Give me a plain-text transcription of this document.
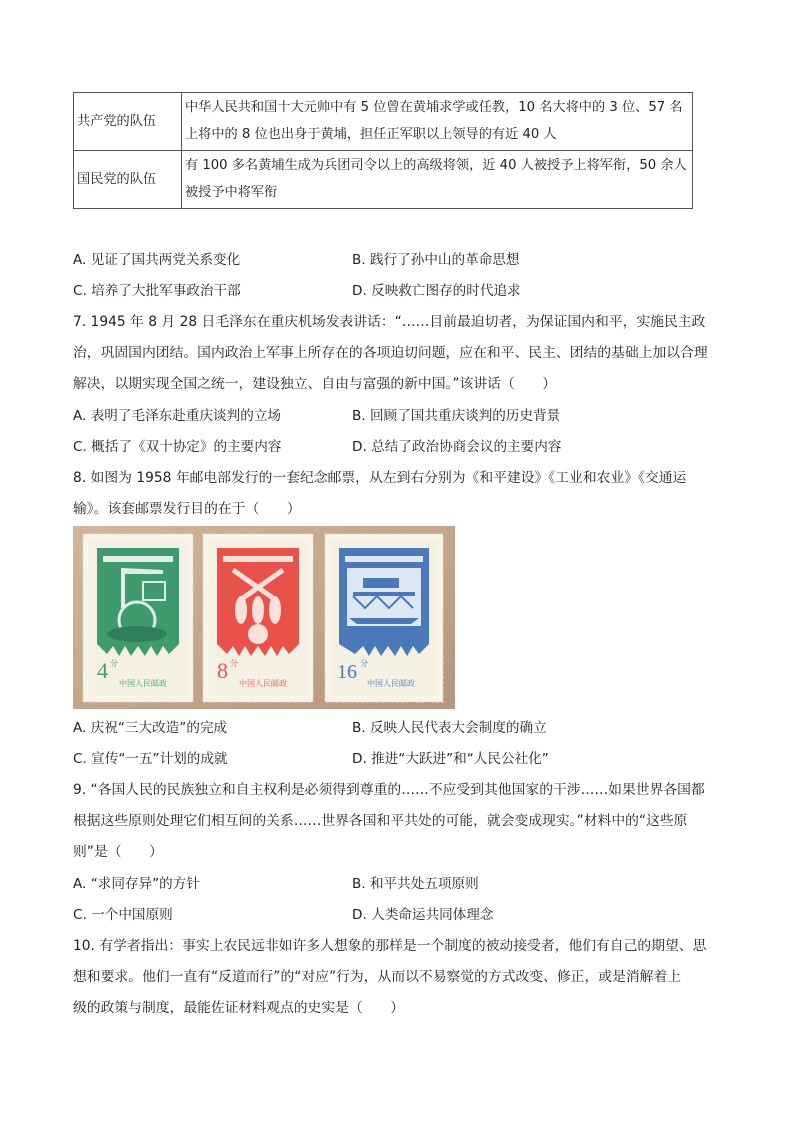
共产党的队伍	中华人民共和国十大元帅中有 5 位曾在黄埔求学或任教，10 名大将中的 3 位、57 名
上将中的 8 位也出身于黄埔，担任正军职以上领导的有近 40 人

国民党的队伍	有 100 多名黄埔生成为兵团司令以上的高级将领，近 40 人被授予上将军衔，50 余人
被授予中将军衔
A. 见证了国共两党关系变化	B. 践行了孙中山的革命思想
C. 培养了大批军事政治干部	D. 反映救亡图存的时代追求
7. 1945 年 8 月 28 日毛泽东在重庆机场发表讲话：“……目前最迫切者，为保证国内和平，实施民主政
治，巩固国内团结。国内政治上军事上所存在的各项迫切问题，应在和平、民主、团结的基础上加以合理
解决，以期实现全国之统一，建设独立、自由与富强的新中国。”该讲话（　　）
A. 表明了毛泽东赴重庆谈判的立场	B. 回顾了国共重庆谈判的历史背景
C. 概括了《双十协定》的主要内容	D. 总结了政治协商会议的主要内容
8. 如图为 1958 年邮电部发行的一套纪念邮票，从左到右分别为《和平建设》《工业和农业》《交通运
输》。该套邮票发行目的在于（　　）
4 分
中国人民邮政
8 分
中国人民邮政
16 分
中国人民邮政
A. 庆祝“三大改造”的完成	B. 反映人民代表大会制度的确立
C. 宣传“一五”计划的成就	D. 推进“大跃进”和“人民公社化”
9. “各国人民的民族独立和自主权利是必须得到尊重的……不应受到其他国家的干涉……如果世界各国都
根据这些原则处理它们相互间的关系……世界各国和平共处的可能，就会变成现实。”材料中的“这些原
则”是（　　）
A. “求同存异”的方针	B. 和平共处五项原则
C. 一个中国原则	D. 人类命运共同体理念
10. 有学者指出：事实上农民远非如许多人想象的那样是一个制度的被动接受者，他们有自己的期望、思
想和要求。他们一直有“反道而行”的“对应”行为，从而以不易察觉的方式改变、修正，或是消解着上
级的政策与制度，最能佐证材料观点的史实是（　　）
